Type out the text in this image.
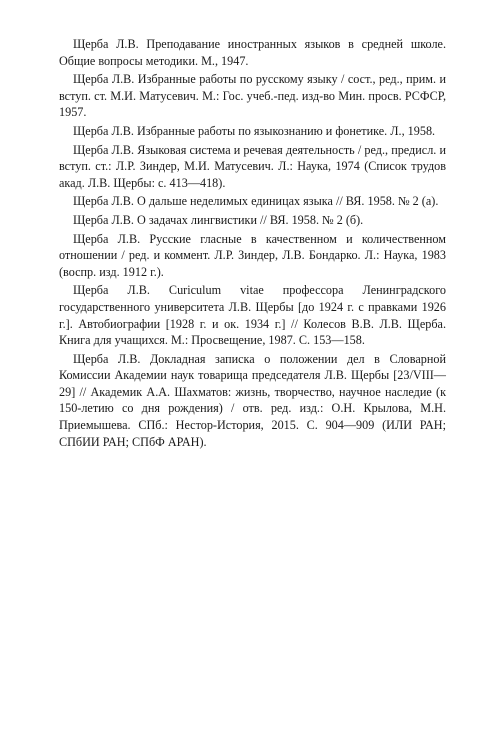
Щерба Л.В. Преподавание иностранных языков в средней школе. Общие вопросы методики. М., 1947.

Щерба Л.В. Избранные работы по русскому языку / сост., ред., прим. и вступ. ст. М.И. Матусевич. М.: Гос. учеб.-пед. изд-во Мин. просв. РСФСР, 1957.

Щерба Л.В. Избранные работы по языкознанию и фонетике. Л., 1958.

Щерба Л.В. Языковая система и речевая деятельность / ред., предисл. и вступ. ст.: Л.Р. Зиндер, М.И. Матусевич. Л.: Наука, 1974 (Список трудов акад. Л.В. Щербы: с. 413—418).

Щерба Л.В. О дальше неделимых единицах языка // ВЯ. 1958. № 2 (а).

Щерба Л.В. О задачах лингвистики // ВЯ. 1958. № 2 (б).

Щерба Л.В. Русские гласные в качественном и количественном отношении / ред. и коммент. Л.Р. Зиндер, Л.В. Бондарко. Л.: Наука, 1983 (воспр. изд. 1912 г.).

Щерба Л.В. Curiculum vitae профессора Ленинградского государственного университета Л.В. Щербы [до 1924 г. с правками 1926 г.]. Автобиографии [1928 г. и ок. 1934 г.] // Колесов В.В. Л.В. Щерба. Книга для учащихся. М.: Просвещение, 1987. С. 153—158.

Щерба Л.В. Докладная записка о положении дел в Словарной Комиссии Академии наук товарища председателя Л.В. Щербы [23/VIII—29] // Академик А.А. Шахматов: жизнь, творчество, научное наследие (к 150-летию со дня рождения) / отв. ред. изд.: О.Н. Крылова, М.Н. Приемышева. СПб.: Нестор-История, 2015. С. 904—909 (ИЛИ РАН; СПбИИ РАН; СПбФ АРАН).
